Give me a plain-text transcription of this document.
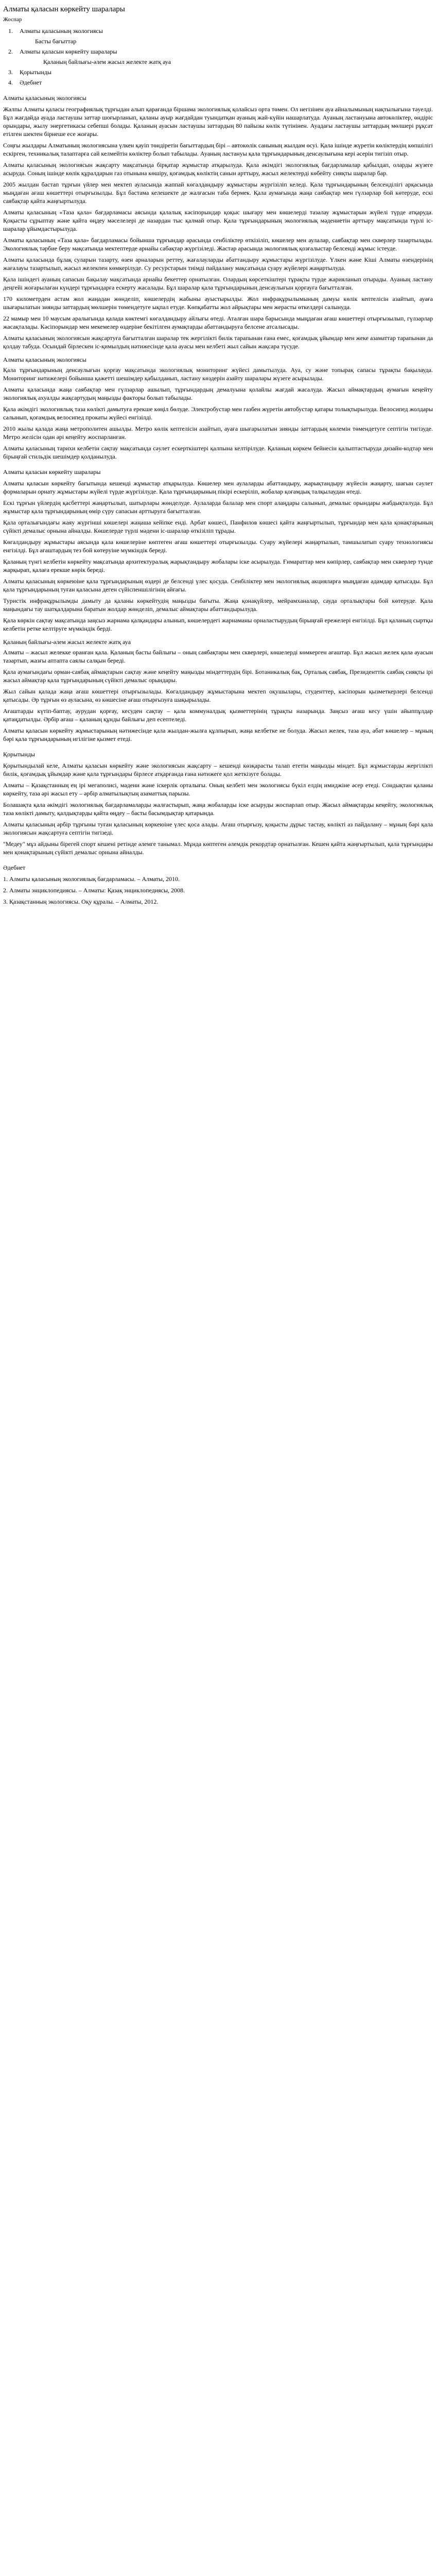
Алматы қаласын көркейту шаралары
Жоспар
1. Алматы қаласының экологиясы
Басты бағыттар
2. Алматы қаласын көркейту шаралары
Қаланың байлығы-әлем жасыл желекте жатқ ауа
3. Қорытынды
4. Әдебиет
Алматы қаласының экологиясы

Жалпы Алматы қаласы географиялық тұрғыдан алып қарағанда біршама экологиялық қолайсыз орта төмен. Ол негізінен ауа айналымының нақтылығына тәуелді. Бұл жағдайда ауада ластаушы заттар шоғырланып, қаланы ауыр жағдайдан туындатқан ауаның жай-күйін нашарлатуда. Ауаның ластануына автокөліктер, өндіріс орындары, жылу энергетикасы себепші болады. Қаланың ауасын ластаушы заттардың 80 пайызы көлік түтінінен. Ауадағы ластаушы заттардың мөлшері рұқсат етілген шектен бірнеше есе жоғары.

Соңғы жылдары Алматының экологиясына үлкен қауіп төндіретін бағыттардың бірі – автокөлік санының жылдам өсуі. Қала ішінде жүретін көліктердің көпшілігі ескірген, техникалық талаптарға сай келмейтін көліктер болып табылады. Ауаның ластануы қала тұрғындарының денсаулығына кері әсерін тигізіп отыр.

Алматы қаласының экологиясын жақсарту мақсатында бірқатар жұмыстар атқарылуда. Қала әкімдігі экологиялық бағдарламалар қабылдап, оларды жүзеге асыруда. Соның ішінде көлік құралдарын газ отынына көшіру, қоғамдық көліктің санын арттыру, жасыл желектерді көбейту сияқты шаралар бар.

2005 жылдан бастап тұрғын үйлер мен мектеп ауласында жаппай көгалдандыру жұмыстары жүргізіліп келеді. Қала тұрғындарының белсенділігі арқасында мыңдаған ағаш көшеттері отырғызылды. Бұл бастама келешекте де жалғасын таба бермек. Қала аумағында жаңа саябақтар мен гүлзарлар бой көтеруде, ескі саябақтар қайта жаңғыртылуда.

Алматы қаласының «Таза қала» бағдарламасы аясында қалалық кәсіпорындар қоқыс шығару мен көшелерді тазалау жұмыстарын жүйелі түрде атқаруда. Қоқысты сұрыптау және қайта өңдеу мәселелері де назардан тыс қалмай отыр. Қала тұрғындарының экологиялық мәдениетін арттыру мақсатында түрлі іс-шаралар ұйымдастырылуда.

Алматы қаласының «Таза қала» бағдарламасы бойынша тұрғындар арасында сенбіліктер өткізіліп, көшелер мен аулалар, саябақтар мен скверлер тазартылады. Экологиялық тәрбие беру мақсатында мектептерде арнайы сабақтар жүргізіледі. Жастар арасында экологиялық қозғалыстар белсенді жұмыс істеуде.

Алматы қаласында бұлақ суларын тазарту, өзен арналарын реттеу, жағалауларды абаттандыру жұмыстары жүргізілуде. Үлкен және Кіші Алматы өзендерінің жағалауы тазартылып, жасыл желекпен көмкерілуде. Су ресурстарын тиімді пайдалану мақсатында суару жүйелері жаңартылуда.

Қала ішіндегі ауаның сапасын бақылау мақсатында арнайы бекеттер орнатылған. Олардың көрсеткіштері тұрақты түрде жарияланып отырады. Ауаның ластану деңгейі жоғарылаған күндері тұрғындарға ескерту жасалады. Бұл шаралар қала тұрғындарының денсаулығын қорғауға бағытталған.

170 километрден астам жол жаңадан жөнделіп, көшелердің жабыны ауыстырылды. Жол инфрақұрылымының дамуы көлік кептелісін азайтып, ауаға шығарылатын зиянды заттардың мөлшерін төмендетуге ықпал етуде. Көпқабатты жол айрықтары мен жерасты өткелдері салынуда.

22 мамыр мен 10 маусым аралығында қалада көктемгі көгалдандыру айлығы өтеді. Аталған шара барысында мыңдаған ағаш көшеттері отырғызылып, гүлзарлар жасақталады. Кәсіпорындар мен мекемелер өздеріне бекітілген аумақтарды абаттандыруға белсене атсалысады.

Алматы қаласының экологиясын жақсартуға бағытталған шаралар тек жергілікті билік тарапынан ғана емес, қоғамдық ұйымдар мен жеке азаматтар тарапынан да қолдау табуда. Осындай бірлескен іс-қимылдың нәтижесінде қала ауасы мен келбеті жыл сайын жақсара түсуде.

Алматы қаласының экологиясы

Қала тұрғындарының денсаулығын қорғау мақсатында экологиялық мониторинг жүйесі дамытылуда. Ауа, су және топырақ сапасы тұрақты бақылауда. Мониторинг нәтижелері бойынша қажетті шешімдер қабылданып, ластану көздерін азайту шаралары жүзеге асырылады.

Алматы қаласында жаңа саябақтар мен гүлзарлар ашылып, тұрғындардың демалуына қолайлы жағдай жасалуда. Жасыл аймақтардың аумағын кеңейту экологиялық ахуалды жақсартудың маңызды факторы болып табылады.

Қала әкімдігі экологиялық таза көлікті дамытуға ерекше көңіл бөлуде. Электробустар мен газбен жүретін автобустар қатары толықтырылуда. Велосипед жолдары салынып, қоғамдық велосипед прокаты жүйесі енгізілді.

2010 жылы қалада жаңа метрополитен ашылды. Метро көлік кептелісін азайтып, ауаға шығарылатын зиянды заттардың көлемін төмендетуге септігін тигізуде. Метро желісін одан әрі кеңейту жоспарланған.

Алматы қаласының тарихи келбетін сақтау мақсатында сәулет ескерткіштері қалпына келтірілуде. Қаланың көркем бейнесін қалыптастыруда дизайн-кодтар мен бірыңғай стильдік шешімдер қолданылуда.

Алматы қаласын көркейту шаралары

Алматы қаласын көркейту бағытында кешенді жұмыстар атқарылуда. Көшелер мен аулаларды абаттандыру, жарықтандыру жүйесін жаңарту, шағын сәулет формаларын орнату жұмыстары жүйелі түрде жүргізілуде. Қала тұрғындарының пікірі ескеріліп, жобалар қоғамдық талқылаудан өтеді.

Ескі тұрғын үйлердің қасбеттері жаңартылып, шатырлары жөнделуде. Аулаларда балалар мен спорт алаңдары салынып, демалыс орындары жабдықталуда. Бұл жұмыстар қала тұрғындарының өмір сүру сапасын арттыруға бағытталған.

Қала орталығындағы жаяу жүргінші көшелері жаңаша кейіпке енді. Арбат көшесі, Панфилов көшесі қайта жаңғыртылып, тұрғындар мен қала қонақтарының сүйікті демалыс орнына айналды. Көшелерде түрлі мәдени іс-шаралар өткізіліп тұрады.

Көгалдандыру жұмыстары аясында қала көшелеріне көптеген ағаш көшеттері отырғызылды. Суару жүйелері жаңартылып, тамшылатып суару технологиясы енгізілді. Бұл ағаштардың тез бой көтеруіне мүмкіндік береді.

Қаланың түнгі келбетін көркейту мақсатында архитектуралық жарықтандыру жобалары іске асырылуда. Ғимараттар мен көпірлер, саябақтар мен скверлер түнде жарқырап, қалаға ерекше көрік береді.

Алматы қаласының көркеюіне қала тұрғындарының өздері де белсенді үлес қосуда. Сенбіліктер мен экологиялық акцияларға мыңдаған адамдар қатысады. Бұл қала тұрғындарының туған қаласына деген сүйіспеншілігінің айғағы.

Туристік инфрақұрылымды дамыту да қаланы көркейтудің маңызды бағыты. Жаңа қонақүйлер, мейрамханалар, сауда орталықтары бой көтеруде. Қала маңындағы тау шатқалдарына баратын жолдар жөнделіп, демалыс аймақтары абаттандырылуда.

Қала көркін сақтау мақсатында заңсыз жарнама қалқандары алынып, көшелердегі жарнаманы орналастырудың бірыңғай ережелері енгізілді. Бұл қаланың сыртқы келбетін ретке келтіруге мүмкіндік берді.

Қаланың байлығы-әлем жасыл желекте жатқ ауа

Алматы – жасыл желекке оранған қала. Қаланың басты байлығы – оның саябақтары мен скверлері, көшелерді көмкерген ағаштар. Бұл жасыл желек қала ауасын тазартып, жазғы аптапта саялы салқын береді.

Қала аумағындағы орман-саябақ аймақтарын сақтау және кеңейту маңызды міндеттердің бірі. Ботаникалық бақ, Орталық саябақ, Президенттік саябақ сияқты ірі жасыл аймақтар қала тұрғындарының сүйікті демалыс орындары.

Жыл сайын қалада жаңа ағаш көшеттері отырғызылады. Көгалдандыру жұмыстарына мектеп оқушылары, студенттер, кәсіпорын қызметкерлері белсенді қатысады. Әр тұрғын өз ауласына, өз көшесіне ағаш отырғызуға шақырылады.

Ағаштарды күтіп-баптау, аурудан қорғау, кесуден сақтау – қала коммуналдық қызметтерінің тұрақты назарында. Заңсыз ағаш кесу үшін айыппұлдар қатаңдатылды. Әрбір ағаш – қаланың құнды байлығы деп есептеледі.

Алматы қаласын көркейту жұмыстарының нәтижесінде қала жылдан-жылға құлпырып, жаңа келбетке ие болуда. Жасыл желек, таза ауа, абат көшелер – мұның бәрі қала тұрғындарының игілігіне қызмет етеді.

Қорытынды

Қорытындылай келе, Алматы қаласын көркейту және экологиясын жақсарту – кешенді көзқарасты талап ететін маңызды міндет. Бұл жұмыстарды жергілікті билік, қоғамдық ұйымдар және қала тұрғындары бірлесе атқарғанда ғана нәтижеге қол жеткізуге болады.

Алматы – Қазақстанның ең ірі мегаполисі, мәдени және іскерлік орталығы. Оның келбеті мен экологиясы бүкіл елдің имиджіне әсер етеді. Сондықтан қаланы көркейту, таза әрі жасыл ету – әрбір алматылықтың азаматтық парызы.

Болашақта қала әкімдігі экологиялық бағдарламаларды жалғастырып, жаңа жобаларды іске асыруды жоспарлап отыр. Жасыл аймақтарды кеңейту, экологиялық таза көлікті дамыту, қалдықтарды қайта өңдеу – басты басымдықтар қатарында.

Алматы қаласының әрбір тұрғыны туған қаласының көркеюіне үлес қоса алады. Ағаш отырғызу, қоқысты дұрыс тастау, көлікті аз пайдалану – мұның бәрі қала экологиясын жақсартуға септігін тигізеді.

"Медеу" мұз айдыны бірегей спорт кешені ретінде әлемге танымал. Мұнда көптеген әлемдік рекордтар орнатылған. Кешен қайта жаңғыртылып, қала тұрғындары мен қонақтарының сүйікті демалыс орнына айналды.

Әдебиет

1. Алматы қаласының экологиялық бағдарламасы. – Алматы, 2010.

2. Алматы энциклопедиясы. – Алматы: Қазақ энциклопедиясы, 2008.

3. Қазақстанның экологиясы. Оқу құралы. – Алматы, 2012.
